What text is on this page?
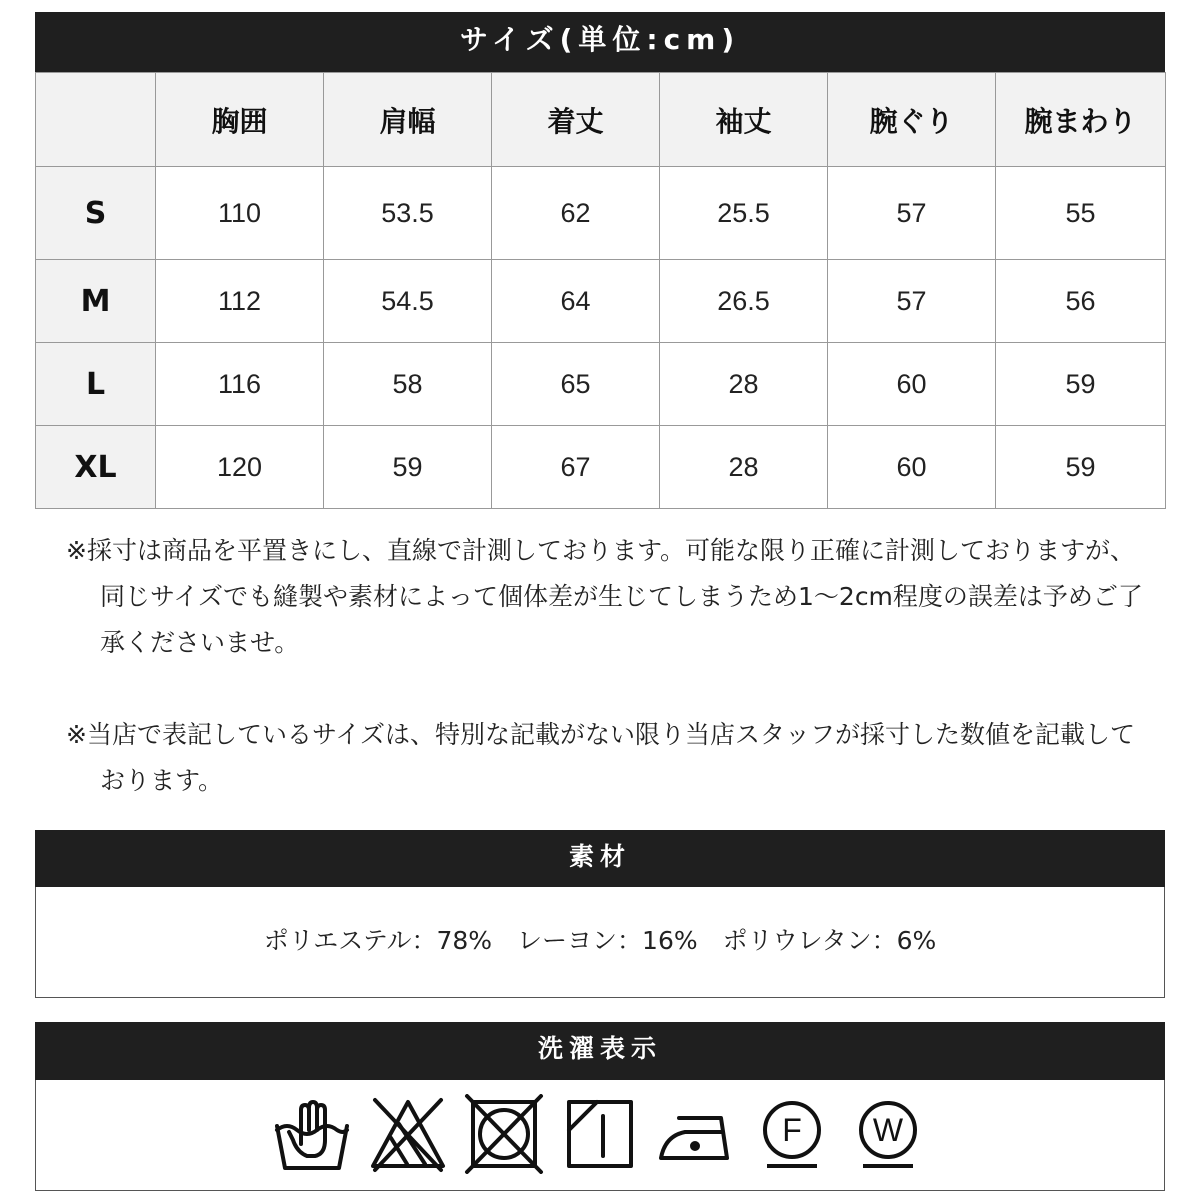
サイズ(単位:cm)
	胸囲	肩幅	着丈	袖丈	腕ぐり	腕まわり
S	110	53.5	62	25.5	57	55
M	112	54.5	64	26.5	57	56
L	116	58	65	28	60	59
XL	120	59	67	28	60	59

※採寸は商品を平置きにし、直線で計測しております。可能な限り正確に計測しておりますが、同じサイズでも縫製や素材によって個体差が生じてしまうため1～2cm程度の誤差は予めご了承くださいませ。

※当店で表記しているサイズは、特別な記載がない限り当店スタッフが採寸した数値を記載しております。

素材
ポリエステル：78%　レーヨン：16%　ポリウレタン：6%
洗濯表示

F
W
